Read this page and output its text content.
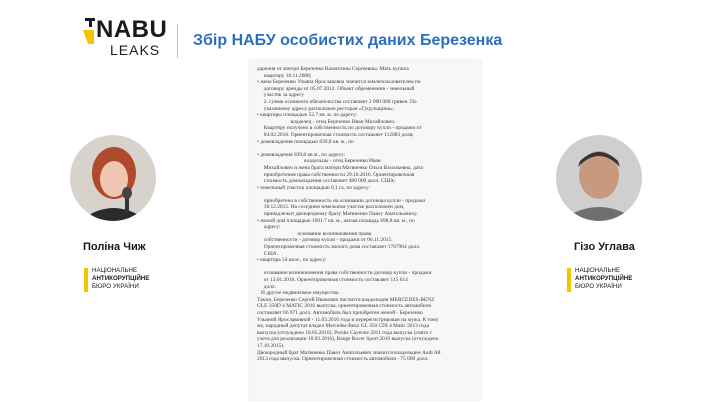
NABU
LEAKS
Збір НАБУ особистих даних Березенка
дарения от матери Березенко Валентины Сергеевны. Мать купила
квартиру 18.11.2008;
• жена Березенко Ульяна Ярославовна значится землепользователем по
договору аренды от 05.07.2012. Объект обременения - земельный
участок за адресу
2. сумма основного обязательства составляет 2 000 000 гривен. По
указанному адресу расположен ресторан «Гуцульщина»;
• квартиры площадью 52.7 кв. м. по адресу:
владелец - отец Березенко Иван Михайлович.
Квартиру получено в собственность по договору купли - продажи от
04.02.2016. Ориентировочная стоимость составляет 112883 доля;
• домовладения площадью 839,8 кв. м., по

• домовладения 839,8 кв.м., по адресу:
владельцы - отец Березенко Иван
Михайлович и жена брата матери Матвиенко Ольга Васильевна, дата
приобретения права собственности 29.10.2016. Ориентировочная
стоимость домовладения составляет 480 000 долл. США;
• земельный участок площадью 0,1 га, по адресу:

приобретено в собственность на основании договора купли - продажи
18.12.2015. На соседнем земельном участке расположен дом,
принадлежит двоюродному брату Матвиенко Павлу Анатольевичу.
• жилой дом площадью 1001.7 кв. м., жилая площадь 698,8 кв. м., по
адресу:
основание возникновения права
собственности - договор купли - продажи от 06.11.2015.
Ориентировочная стоимость жилого дома составляет 1767964 долл.
США.
• квартира 54 кв.м., по адресу:

основание возникновения права собственности договор купли - продажи
от 13.01.2016. Ориентировочная стоимость составляет 115 614
долл.
И другое недвижимое имущество.
Также, Березенко Сергей Иванович числится владельцем MERCEDES-BENZ
GLE 350D 4 MATIC 2016 выпуска, ориентировочная стоимость автомобиля
составляет 66 971 долл. Автомобиль был приобретен женой - Березенко
Ульяной Ярославовной - 11.03.2016 года и перерегистрирован на мужа. К тому
же, народный депутат владел Mercedes-Benz GL 350 CDI 4 Matic 2013 года
выпуска (отчуждено 18.05.2016), Porshe Cayenne 2011 года выпуска (снято с
учета для реализации 10.03.2016), Range Rover Sport 2010 выпуска (отчуждено
17.10.2015).
Двоюродный брат Матвиенко Павел Анатольевич значится владельцем Audi A8
2013 года выпуска. Ориентировочная стоимость автомобиля - 75 000 долл.
Поліна Чиж	Гізо Углава
НАЦІОНАЛЬНЕ
АНТИКОРУПЦІЙНЕ
БЮРО УКРАЇНИ
НАЦІОНАЛЬНЕ
АНТИКОРУПЦІЙНЕ
БЮРО УКРАЇНИ
